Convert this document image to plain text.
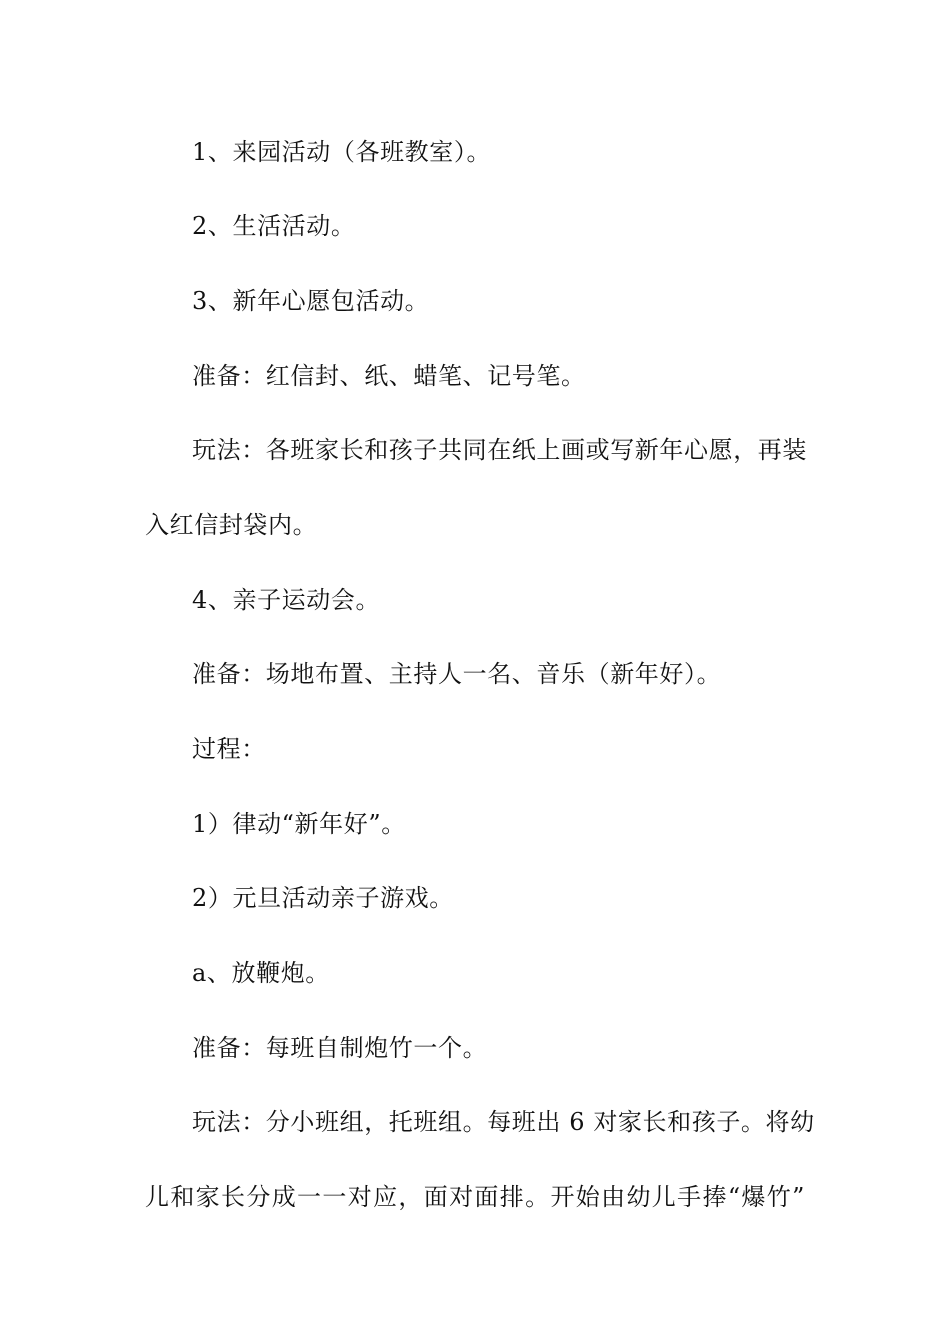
1、来园活动（各班教室）。
2、生活活动。
3、新年心愿包活动。
准备：红信封、纸、蜡笔、记号笔。
玩法：各班家长和孩子共同在纸上画或写新年心愿，再装
入红信封袋内。
4、亲子运动会。
准备：场地布置、主持人一名、音乐（新年好）。
过程：
1）律动“新年好”。
2）元旦活动亲子游戏。
a、放鞭炮。
准备：每班自制炮竹一个。
玩法：分小班组，托班组。每班出 6 对家长和孩子。将幼
儿和家长分成一一对应，面对面排。开始由幼儿手捧“爆竹”
